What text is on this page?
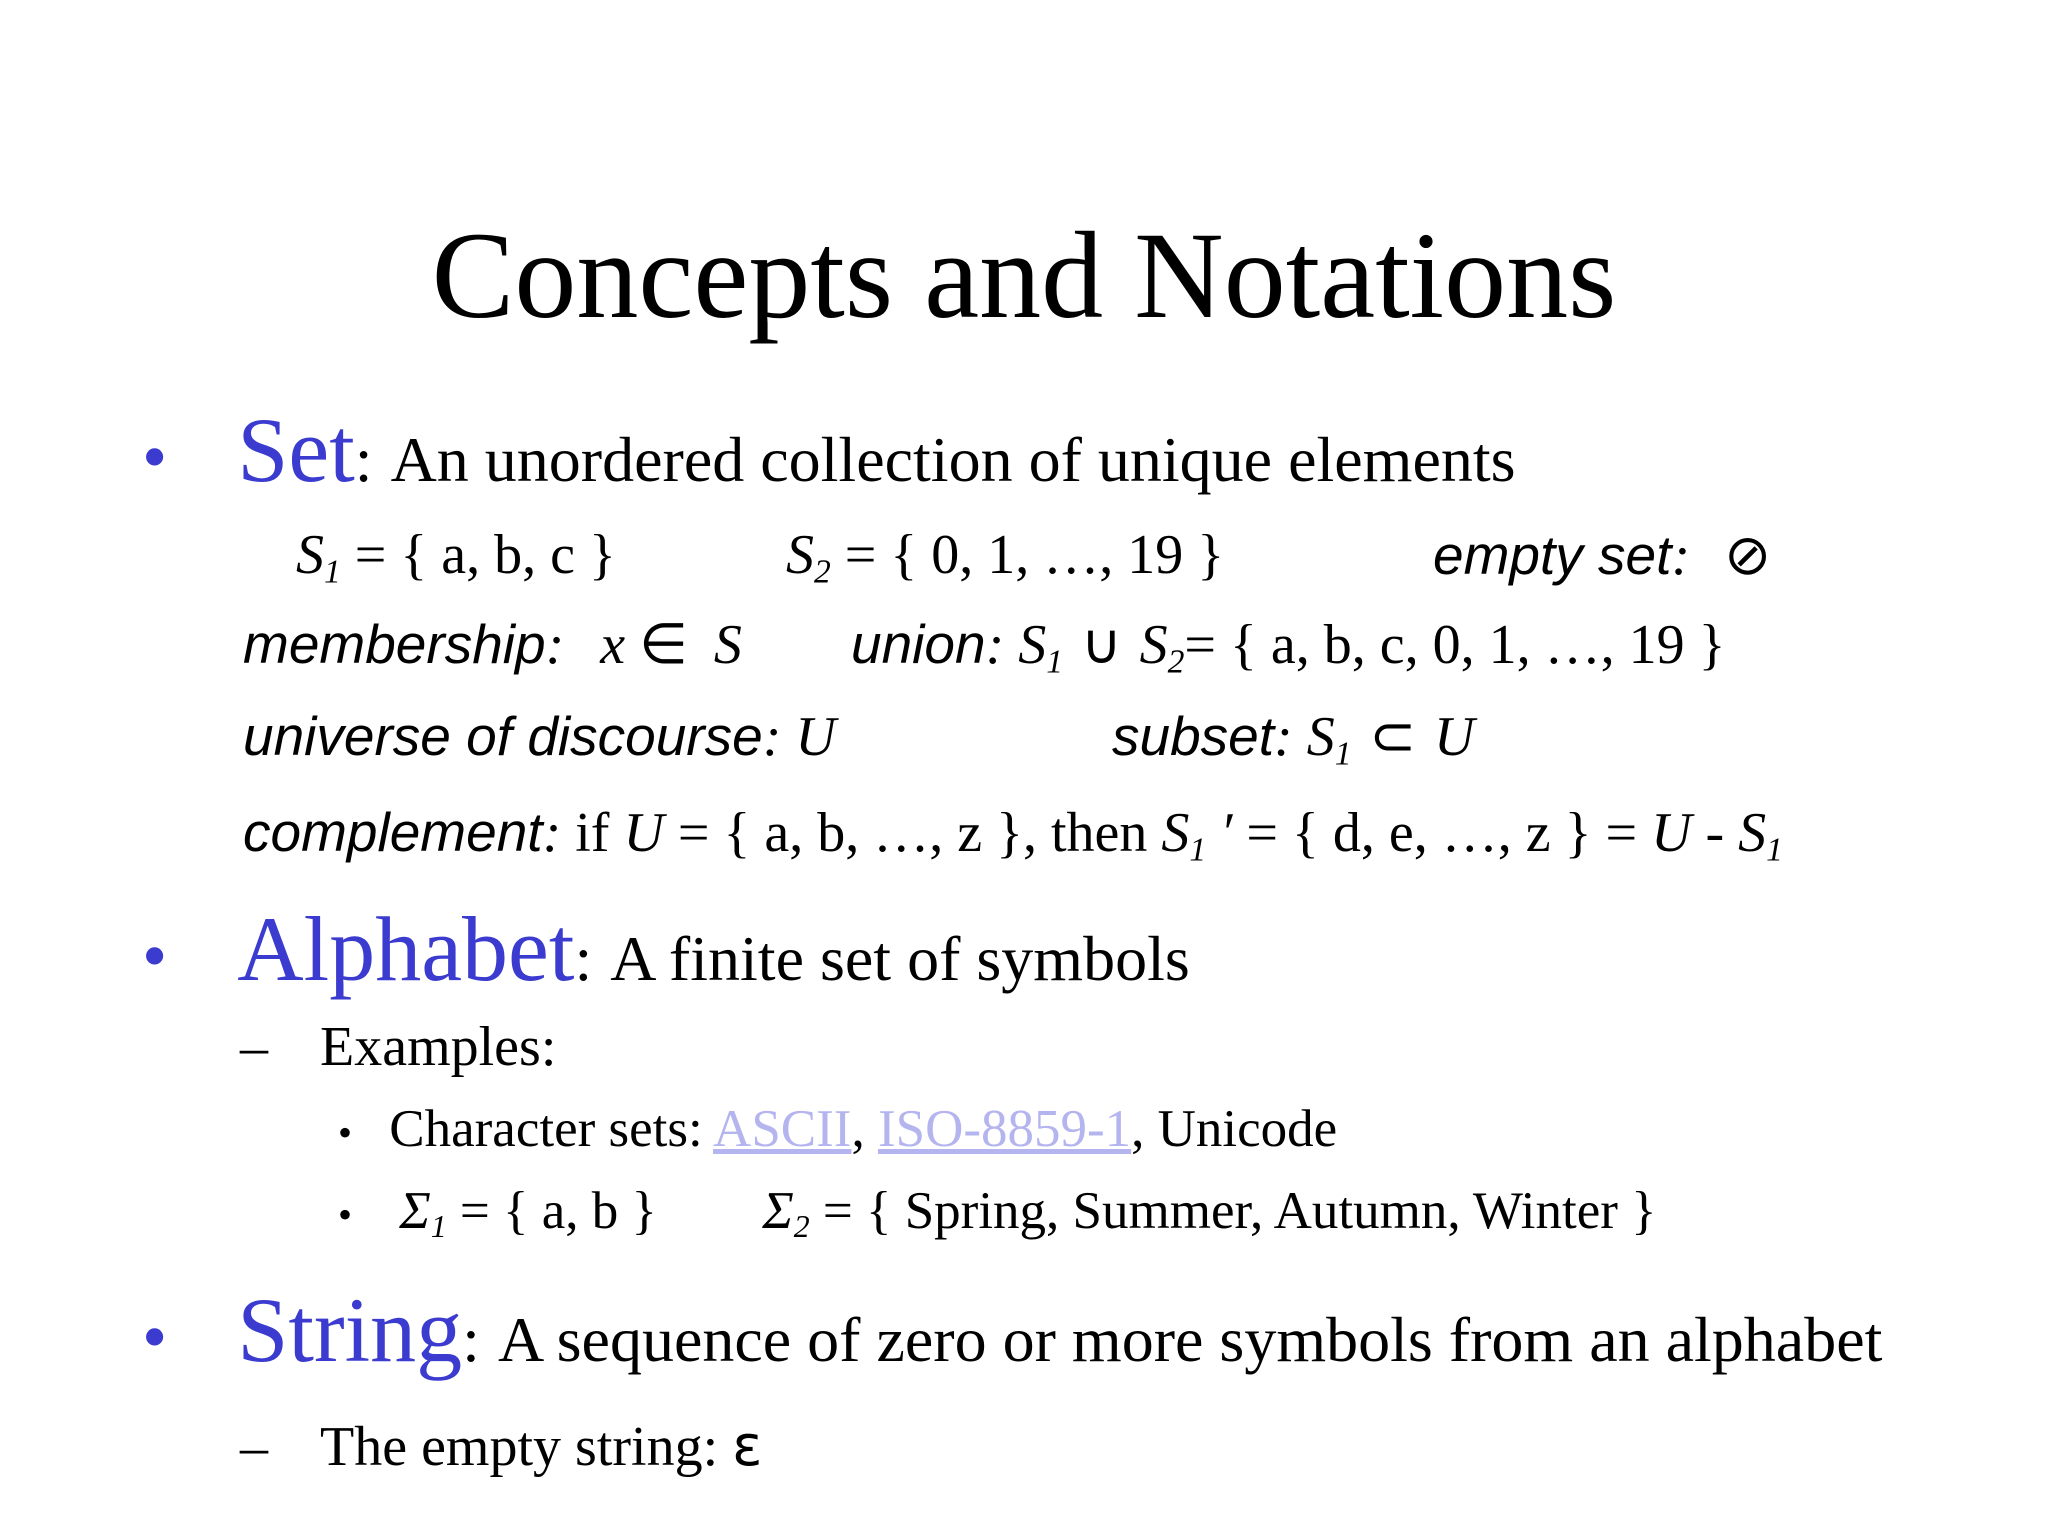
Concepts and Notations
• Set: An unordered collection of unique elements
$S_1$ = { a, b, c }	$S_2$ = { 0, 1, …, 19 }	empty set: ⊘
membership: x ∈ S union: $S_1$ ∪ $S_2=$ { a, b, c, 0, 1, …, 19 }
universe of discourse: U	subset: $S_1$ ⊂ U
complement: if U = { a, b, …, z }, then $S_1$ ′ = { d, e, …, z } = U - $S_1$
• Alphabet: A finite set of symbols
– Examples:
• Character sets: ASCII, ISO-8859-1, Unicode
• $\Sigma_1$ = { a, b } $\Sigma_2$ = { Spring, Summer, Autumn, Winter }
• String: A sequence of zero or more symbols from an alphabet
– The empty string: ε
